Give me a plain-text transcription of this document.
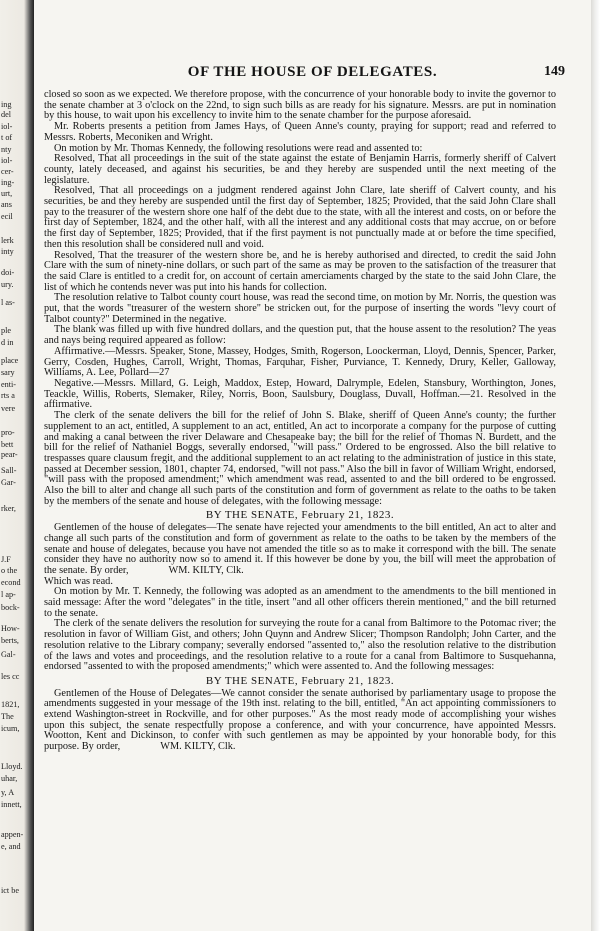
ing
del
iol-
t of
nty
iol-
cer-
ing-
urt,
ans
ecil
lerk
inty
doi-
ury.
l as-
ple
d in
place
sary
enti-
rts a
vere
pro-
bett
pear-
Sall-
Gar-
rker,
J.F
o the
econd
l ap-
bock-
How-
berts,
Gal-
les cc
1821,
The
icum,
Lloyd.
uhar,
y, A
innett,
appen-
e, and
ict be
OF THE HOUSE OF DELEGATES.	149

closed so soon as we expected. We therefore propose, with the concurrence of your honorable body to invite the governor to the senate chamber at 3 o'clock on the 22nd, to sign such bills as are ready for his signature. Messrs. are put in nomination by this house, to wait upon his excellency to invite him to the senate chamber for the purpose aforesaid.

Mr. Roberts presents a petition from James Hays, of Queen Anne's county, praying for support; read and referred to Messrs. Roberts, Meconiken and Wright.

On motion by Mr. Thomas Kennedy, the following resolutions were read and assented to:

Resolved, That all proceedings in the suit of the state against the estate of Benjamin Harris, formerly sheriff of Calvert county, lately deceased, and against his securities, be and they hereby are suspended until the next meeting of the legislature.

Resolved, That all proceedings on a judgment rendered against John Clare, late sheriff of Calvert county, and his securities, be and they hereby are suspended until the first day of September, 1825; Provided, that the said John Clare shall pay to the treasurer of the western shore one half of the debt due to the state, with all the interest and costs, on or before the first day of September, 1824, and the other half, with all the interest and any additional costs that may accrue, on or before the first day of September, 1825; Provided, that if the first payment is not punctually made at or before the time specified, then this resolution shall be considered null and void.

Resolved, That the treasurer of the western shore be, and he is hereby authorised and directed, to credit the said John Clare with the sum of ninety-nine dollars, or such part of the same as may be proven to the satisfaction of the treasurer that the said Clare is entitled to a credit for, on account of certain amerciaments charged by the state to the said John Clare, the list of which he contends never was put into his hands for collection.

The resolution relative to Talbot county court house, was read the second time, on motion by Mr. Norris, the question was put, that the words "treasurer of the western shore" be stricken out, for the purpose of inserting the words "levy court of Talbot county?" Determined in the negative.

The blank was filled up with five hundred dollars, and the question put, that the house assent to the resolution? The yeas and nays being required appeared as follow:

Affirmative.—Messrs. Speaker, Stone, Massey, Hodges, Smith, Rogerson, Loockerman, Lloyd, Dennis, Spencer, Parker, Gerry, Cosden, Hughes, Carroll, Wright, Thomas, Farquhar, Fisher, Purviance, T. Kennedy, Drury, Keller, Galloway, Williams, A. Lee, Pollard—27

Negative.—Messrs. Millard, G. Leigh, Maddox, Estep, Howard, Dalrymple, Edelen, Stansbury, Worthington, Jones, Teackle, Willis, Roberts, Slemaker, Riley, Norris, Boon, Saulsbury, Douglass, Duvall, Hoffman.—21. Resolved in the affirmative.

The clerk of the senate delivers the bill for the relief of John S. Blake, sheriff of Queen Anne's county; the further supplement to an act, entitled, A supplement to an act, entitled, An act to incorporate a company for the purpose of cutting and making a canal between the river Delaware and Chesapeake bay; the bill for the relief of Thomas N. Burdett, and the bill for the relief of Nathaniel Boggs, severally endorsed, "will pass." Ordered to be engrossed. Also the bill relative to trespasses quare clausum fregit, and the additional supplement to an act relating to the administration of justice in this state, passed at December session, 1801, chapter 74, endorsed, "will not pass." Also the bill in favor of William Wright, endorsed, "will pass with the proposed amendment;" which amendment was read, assented to and the bill ordered to be engrossed. Also the bill to alter and change all such parts of the constitution and form of government as relate to the oaths to be taken by the members of the senate and house of delegates, with the following message:

BY THE SENATE, February 21, 1823.

Gentlemen of the house of delegates—The senate have rejected your amendments to the bill entitled, An act to alter and change all such parts of the constitution and form of government as relate to the oaths to be taken by the members of the senate and house of delegates, because you have not amended the title so as to make it correspond with the bill. The senate consider they have no authority now so to amend it. If this however be done by you, the bill will meet the approbation of the senate. By order,	WM. KILTY, Clk.

Which was read.

On motion by Mr. T. Kennedy, the following was adopted as an amendment to the amendments to the bill mentioned in said message: After the word "delegates" in the title, insert "and all other officers therein mentioned," and the bill returned to the senate.

The clerk of the senate delivers the resolution for surveying the route for a canal from Baltimore to the Potomac river; the resolution in favor of William Gist, and others; John Quynn and Andrew Slicer; Thompson Randolph; John Carter, and the resolution relative to the Library company; severally endorsed "assented to," also the resolution relative to the distribution of the laws and votes and proceedings, and the resolution relative to a route for a canal from Baltimore to Susquehanna, endorsed "assented to with the proposed amendments;" which were assented to. And the following messages:

BY THE SENATE, February 21, 1823.

Gentlemen of the House of Delegates—We cannot consider the senate authorised by parliamentary usage to propose the amendments suggested in your message of the 19th inst. relating to the bill, entitled, "An act appointing commissioners to extend Washington-street in Rockville, and for other purposes." As the most ready mode of accomplishing your wishes upon this subject, the senate respectfully propose a conference, and with your concurrence, have appointed Messrs. Wootton, Kent and Dickinson, to confer with such gentlemen as may be appointed by your honorable body, for this purpose. By order,	WM. KILTY, Clk.
